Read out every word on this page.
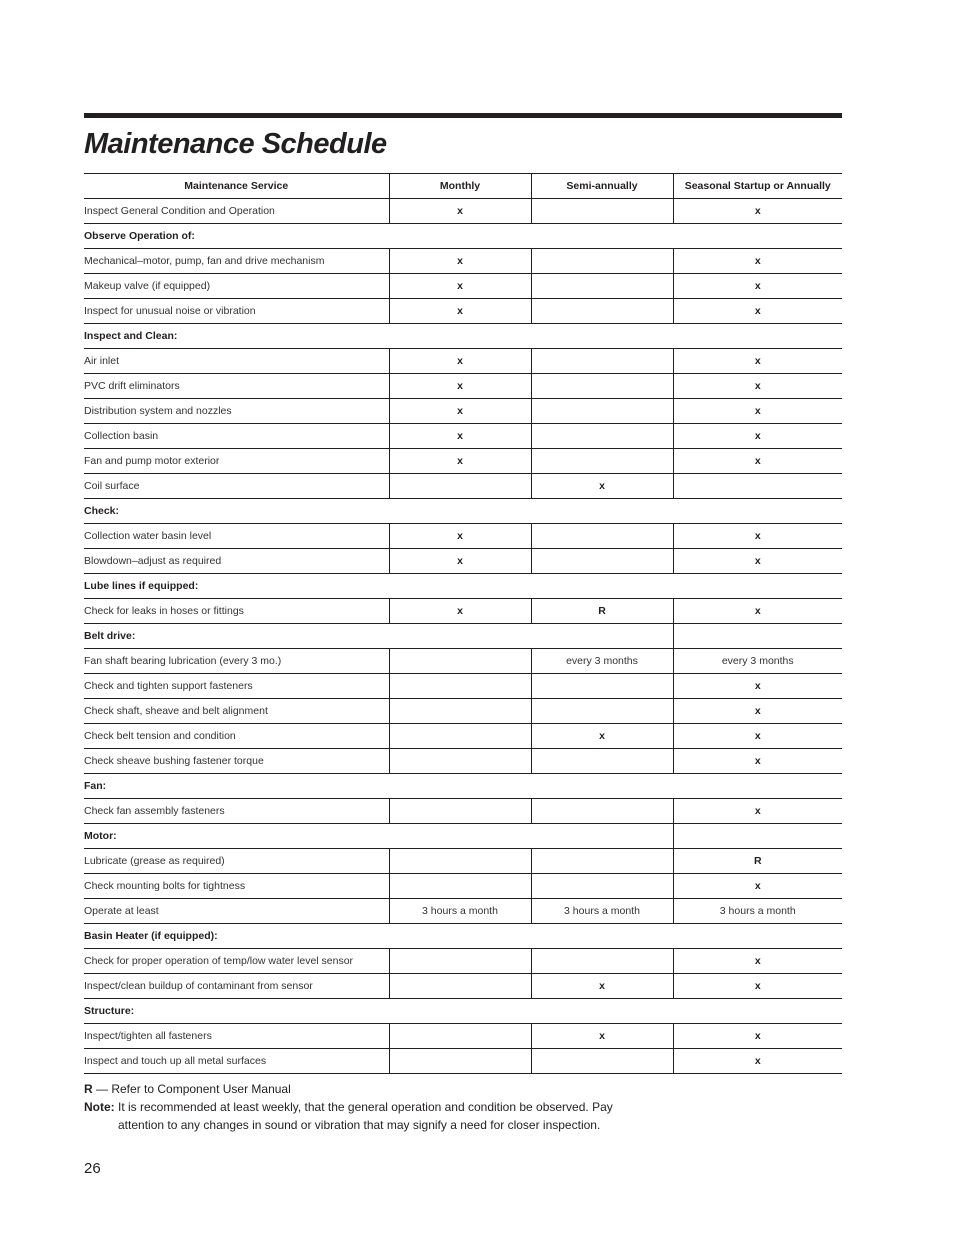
Maintenance Schedule
Maintenance Service	Monthly	Semi-annually	Seasonal Startup or Annually
Inspect General Condition and Operation	x		x
Observe Operation of:			
Mechanical–motor, pump, fan and drive mechanism	x		x
Makeup valve (if equipped)	x		x
Inspect for unusual noise or vibration	x		x
Inspect and Clean:			
Air inlet	x		x
PVC drift eliminators	x		x
Distribution system and nozzles	x		x
Collection basin	x		x
Fan and pump motor exterior	x		x
Coil surface		x	
Check:			
Collection water basin level	x		x
Blowdown–adjust as required	x		x
Lube lines if equipped:			
Check for leaks in hoses or fittings	x	R	x
Belt drive:			
Fan shaft bearing lubrication (every 3 mo.)		every 3 months	every 3 months
Check and tighten support fasteners			x
Check shaft, sheave and belt alignment			x
Check belt tension and condition		x	x
Check sheave bushing fastener torque			x
Fan:			
Check fan assembly fasteners			x
Motor:			
Lubricate (grease as required)			R
Check mounting bolts for tightness			x
Operate at least	3 hours a month	3 hours a month	3 hours a month
Basin Heater (if equipped):			
Check for proper operation of temp/low water level sensor			x
Inspect/clean buildup of contaminant from sensor		x	x
Structure:			
Inspect/tighten all fasteners		x	x
Inspect and touch up all metal surfaces			x
R — Refer to Component User Manual
Note: It is recommended at least weekly, that the general operation and condition be observed. Pay
attention to any changes in sound or vibration that may signify a need for closer inspection.
26
